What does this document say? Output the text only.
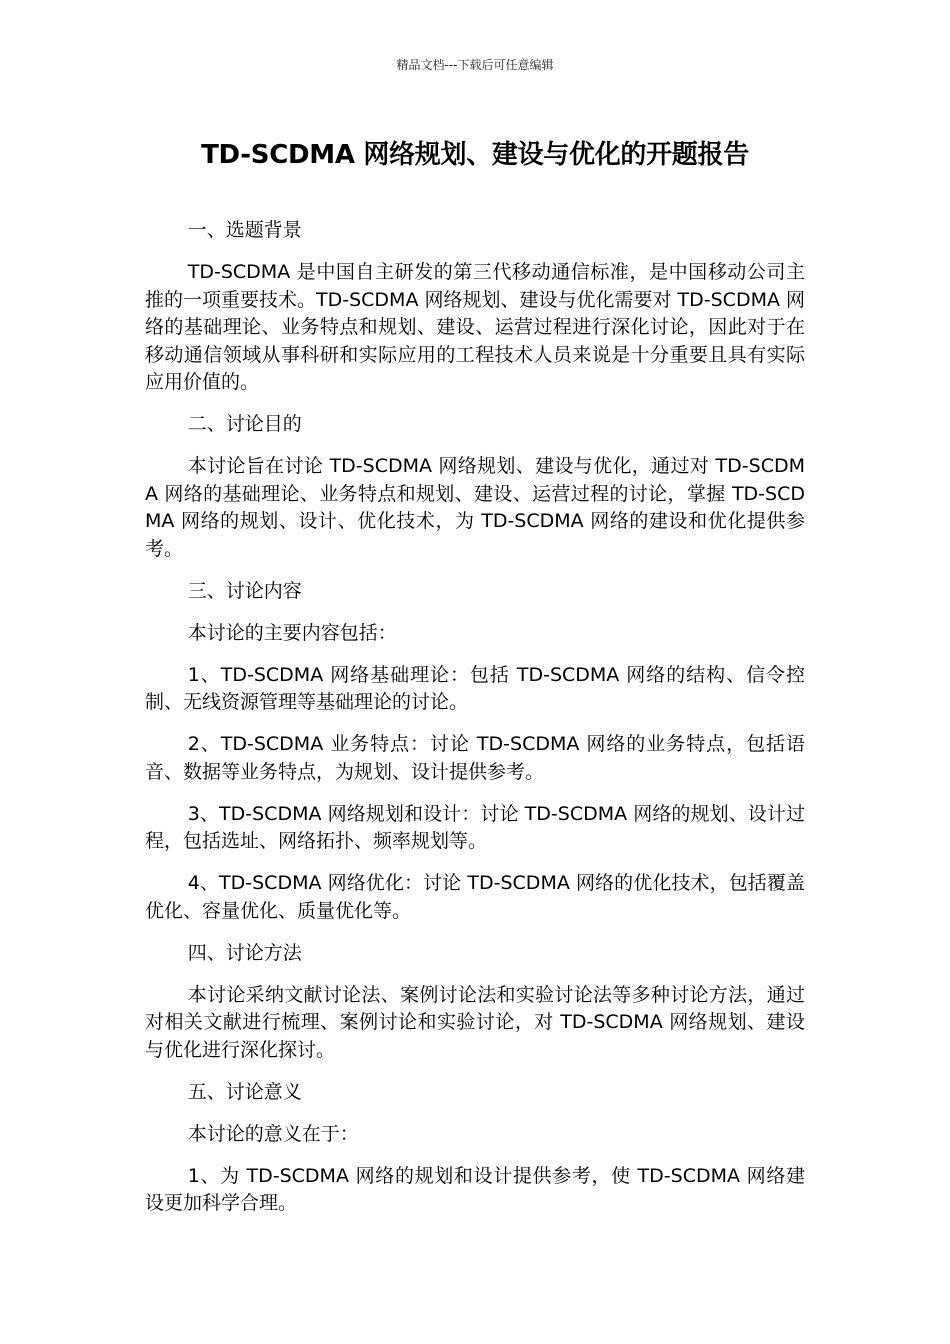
精品文档---下载后可任意编辑
TD-SCDMA 网络规划、建设与优化的开题报告

一、选题背景

TD-SCDMA 是中国自主研发的第三代移动通信标准，是中国移动公司主推的一项重要技术。TD-SCDMA 网络规划、建设与优化需要对 TD-SCDMA 网络的基础理论、业务特点和规划、建设、运营过程进行深化讨论，因此对于在移动通信领域从事科研和实际应用的工程技术人员来说是十分重要且具有实际应用价值的。

二、讨论目的

本讨论旨在讨论 TD-SCDMA 网络规划、建设与优化，通过对 TD-SCDMA 网络的基础理论、业务特点和规划、建设、运营过程的讨论，掌握 TD-SCDMA 网络的规划、设计、优化技术，为 TD-SCDMA 网络的建设和优化提供参考。

三、讨论内容

本讨论的主要内容包括：

1、TD-SCDMA 网络基础理论：包括 TD-SCDMA 网络的结构、信令控制、无线资源管理等基础理论的讨论。

2、TD-SCDMA 业务特点：讨论 TD-SCDMA 网络的业务特点，包括语音、数据等业务特点，为规划、设计提供参考。

3、TD-SCDMA 网络规划和设计：讨论 TD-SCDMA 网络的规划、设计过程，包括选址、网络拓扑、频率规划等。

4、TD-SCDMA 网络优化：讨论 TD-SCDMA 网络的优化技术，包括覆盖优化、容量优化、质量优化等。

四、讨论方法

本讨论采纳文献讨论法、案例讨论法和实验讨论法等多种讨论方法，通过对相关文献进行梳理、案例讨论和实验讨论，对 TD-SCDMA 网络规划、建设与优化进行深化探讨。

五、讨论意义

本讨论的意义在于：

1、为 TD-SCDMA 网络的规划和设计提供参考，使 TD-SCDMA 网络建设更加科学合理。
